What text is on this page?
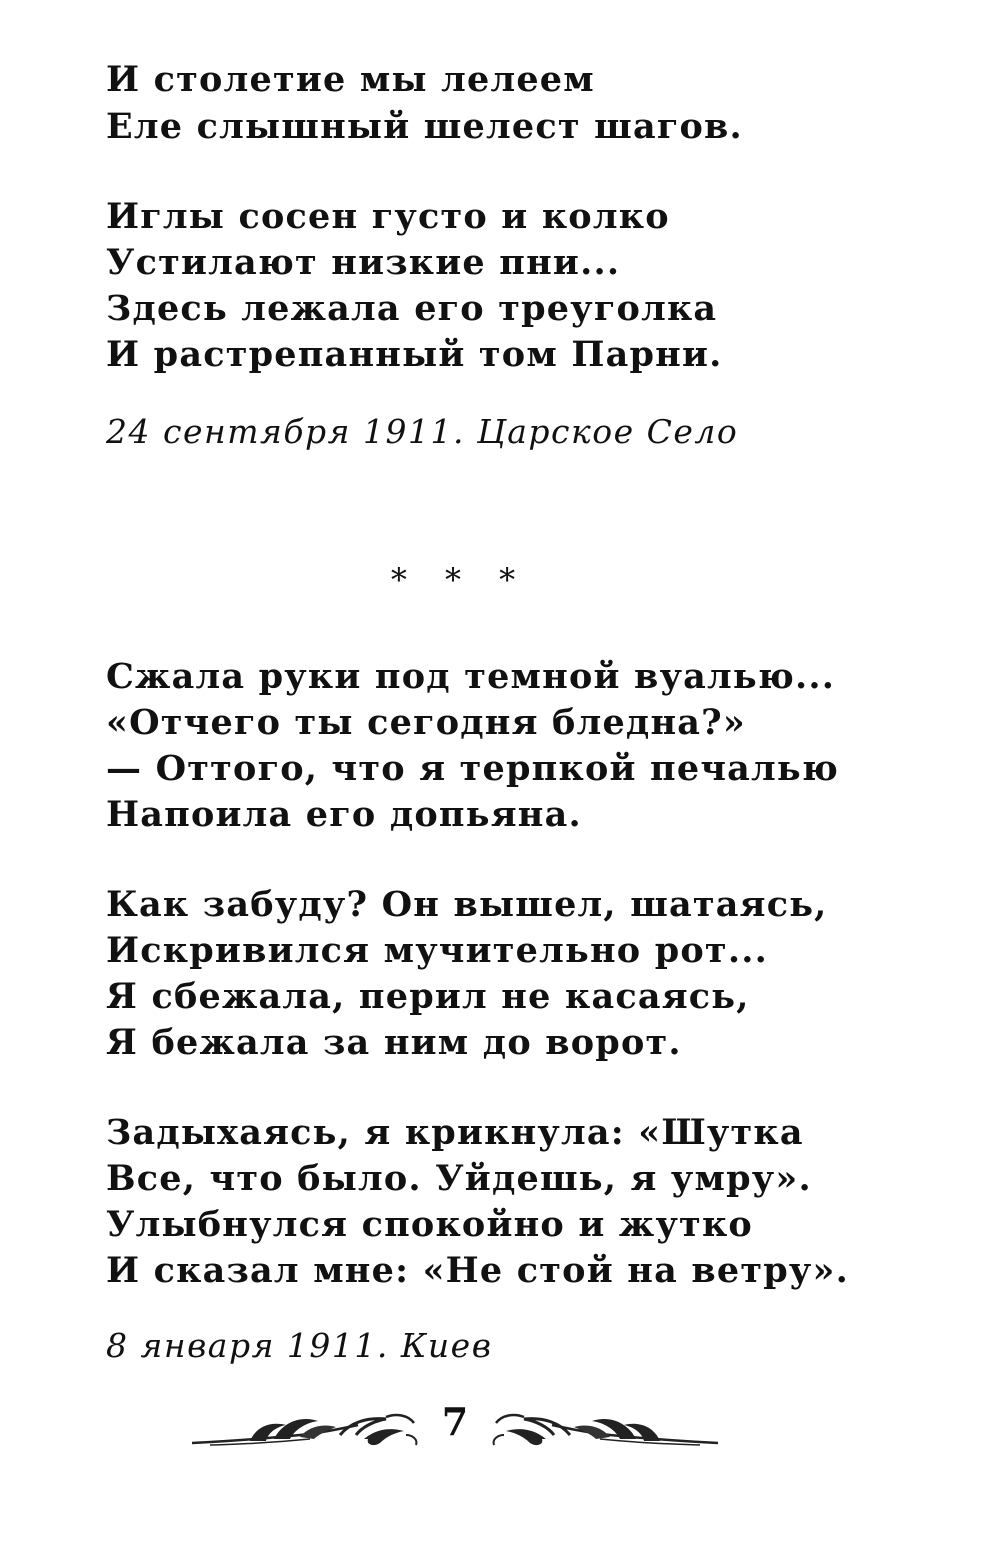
И столетие мы лелеем
Еле слышный шелест шагов.
Иглы сосен густо и колко
Устилают низкие пни...
Здесь лежала его треуголка
И растрепанный том Парни.
24 сентября 1911. Царское Село
* * *
Сжала руки под темной вуалью...
«Отчего ты сегодня бледна?»
— Оттого, что я терпкой печалью
Напоила его допьяна.
Как забуду? Он вышел, шатаясь,
Искривился мучительно рот...
Я сбежала, перил не касаясь,
Я бежала за ним до ворот.
Задыхаясь, я крикнула: «Шутка
Все, что было. Уйдешь, я умру».
Улыбнулся спокойно и жутко
И сказал мне: «Не стой на ветру».
8 января 1911. Киев
7
